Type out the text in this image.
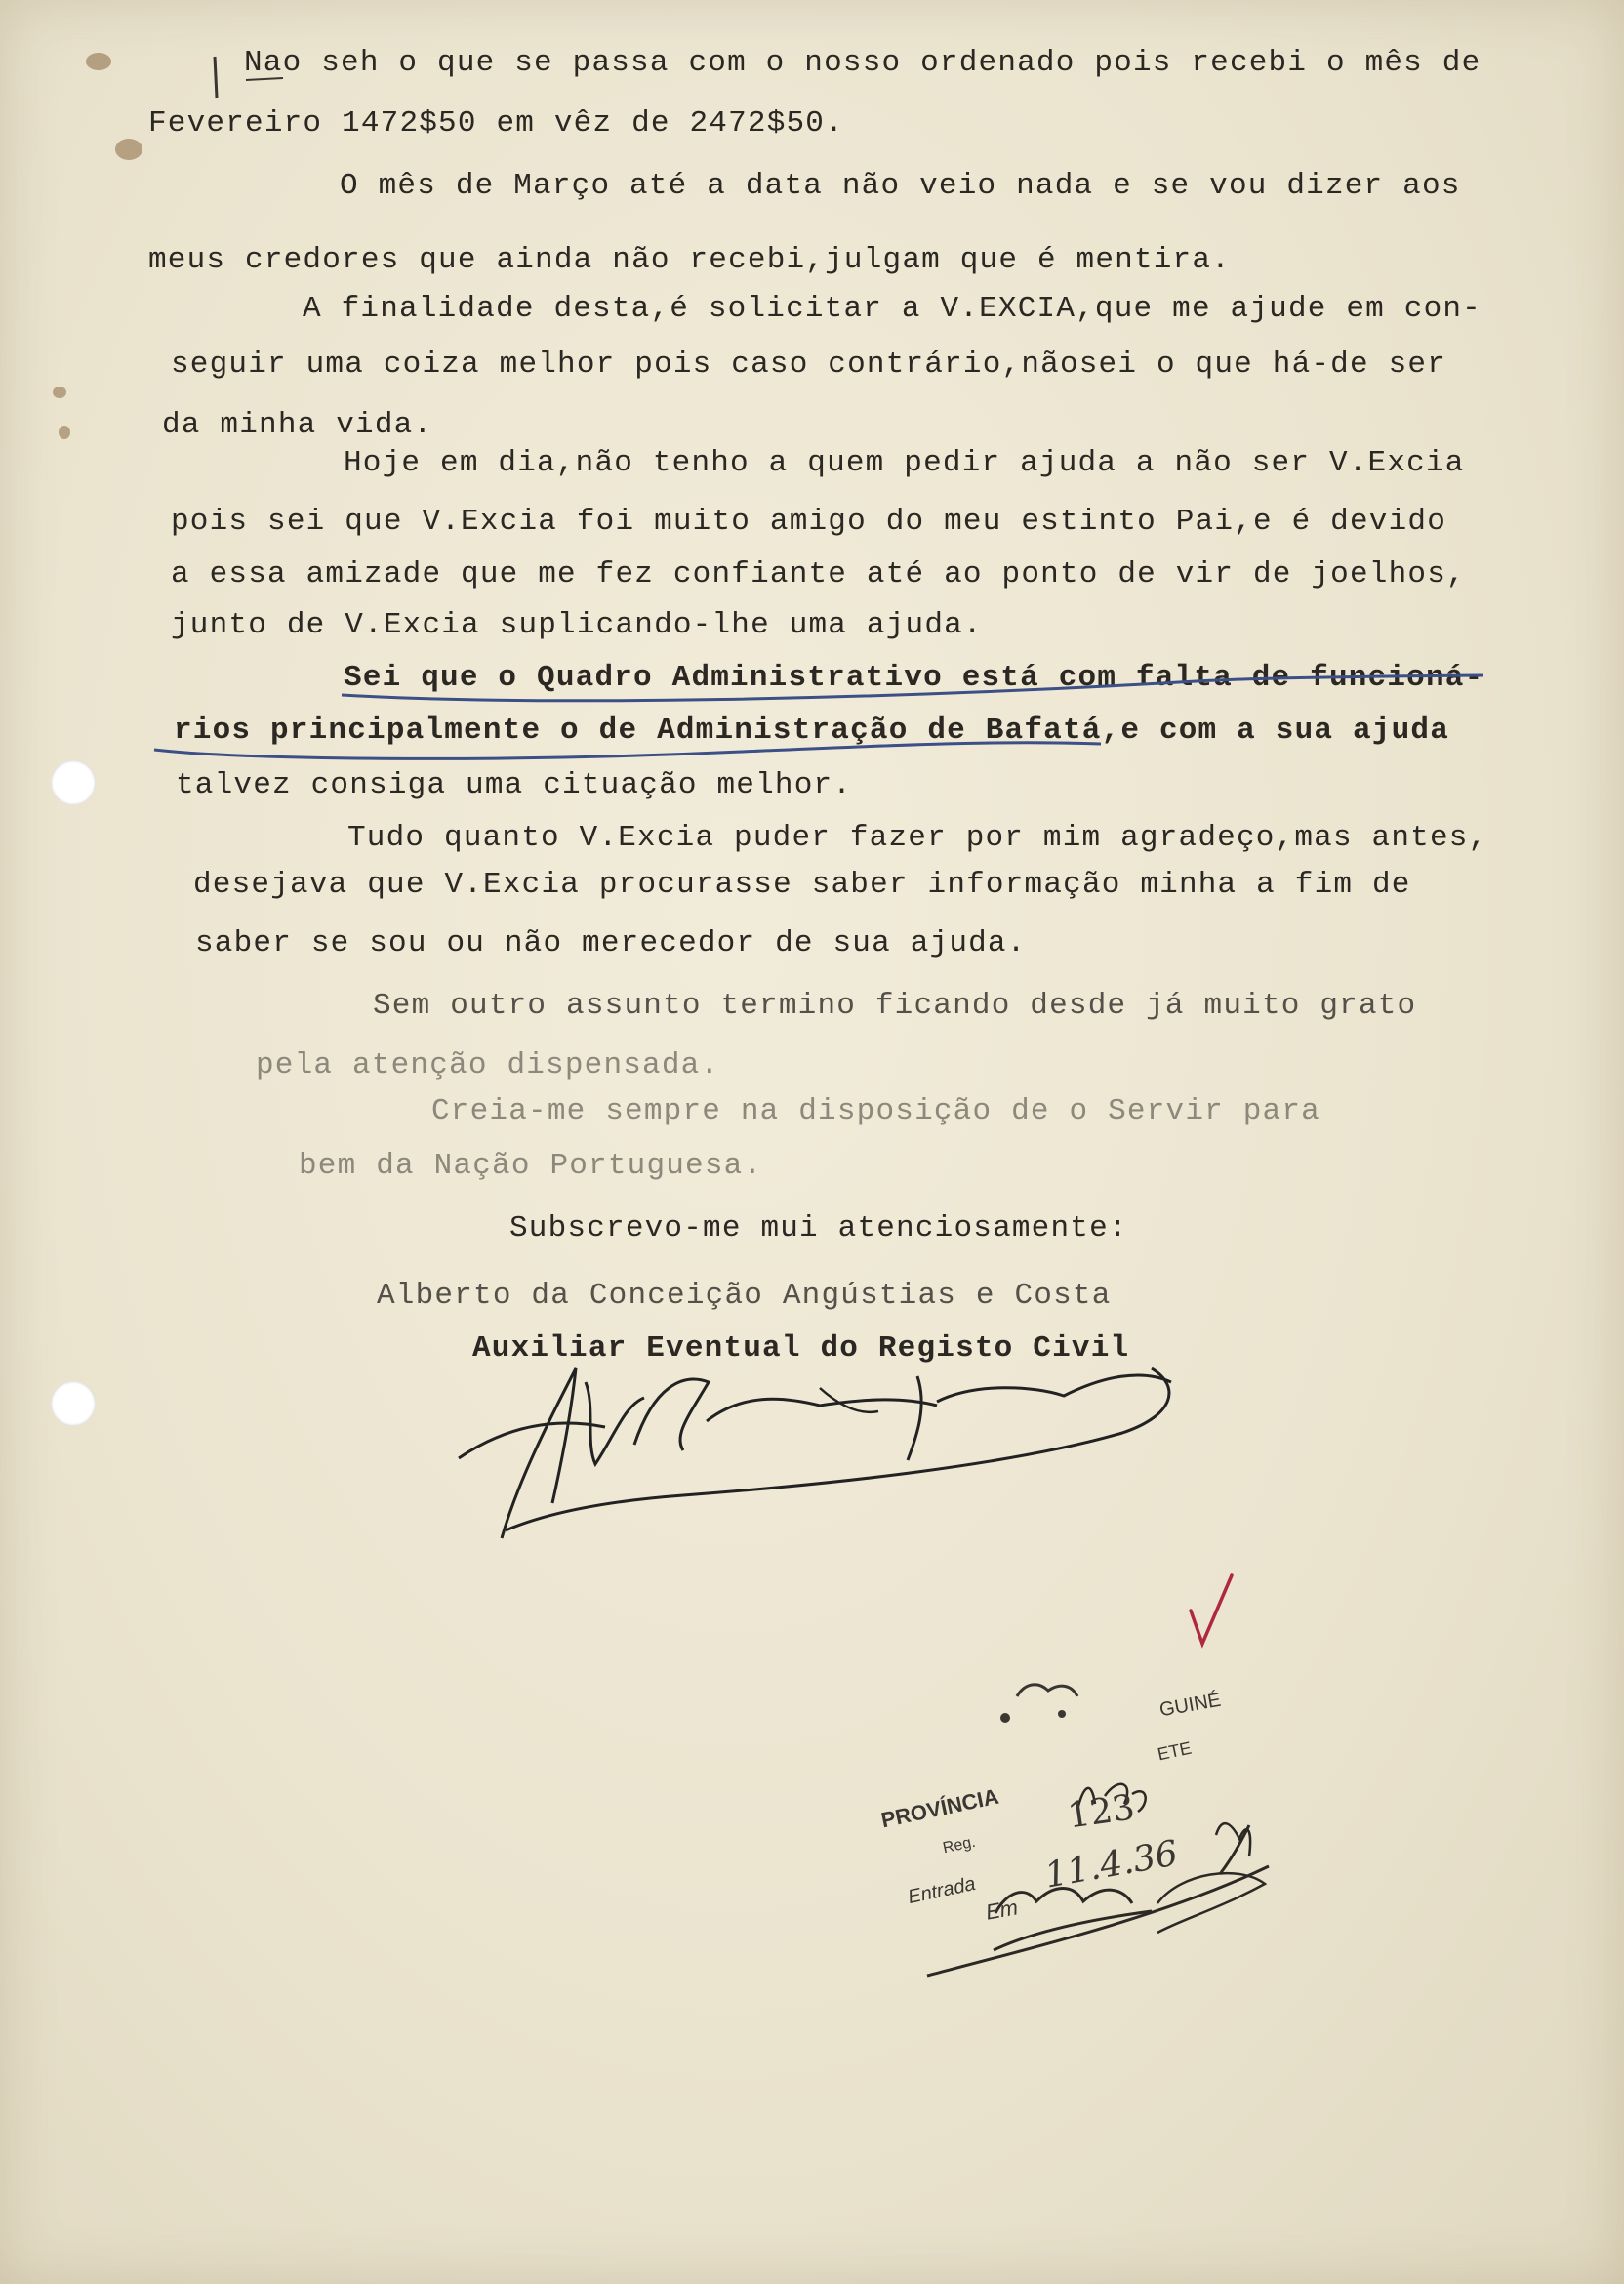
Nao seh o que se passa com o nosso ordenado pois recebi o mês de
Fevereiro 1472$50 em vêz de 2472$50.
O mês de Março até a data não veio nada e se vou dizer aos
meus credores que ainda não recebi,julgam que é mentira.
A finalidade desta,é solicitar a V.EXCIA,que me ajude em con-
seguir uma coiza melhor pois caso contrário,nãosei o que há-de ser
da minha vida.
Hoje em dia,não tenho a quem pedir ajuda a não ser V.Excia
pois sei que V.Excia foi muito amigo do meu estinto Pai,e é devido
a essa amizade que me fez confiante até ao ponto de vir de joelhos,
junto de V.Excia suplicando-lhe uma ajuda.
Sei que o Quadro Administrativo está com falta de funcioná-
rios principalmente o de Administração de Bafatá,e com a sua ajuda
talvez consiga uma cituação melhor.
Tudo quanto V.Excia puder fazer por mim agradeço,mas antes,
desejava que V.Excia procurasse saber informação minha a fim de
saber se sou ou não merecedor de sua ajuda.
Sem outro assunto termino ficando desde já muito grato
pela atenção dispensada.
Creia-me sempre na disposição de o Servir para
bem da Nação Portuguesa.
Subscrevo-me mui atenciosamente:
Alberto da Conceição Angústias e Costa
Auxiliar Eventual do Registo Civil
GUINÉ
ETE
PROVÍNCIA
Reg.
123
Entrada 11.4.36
Em
